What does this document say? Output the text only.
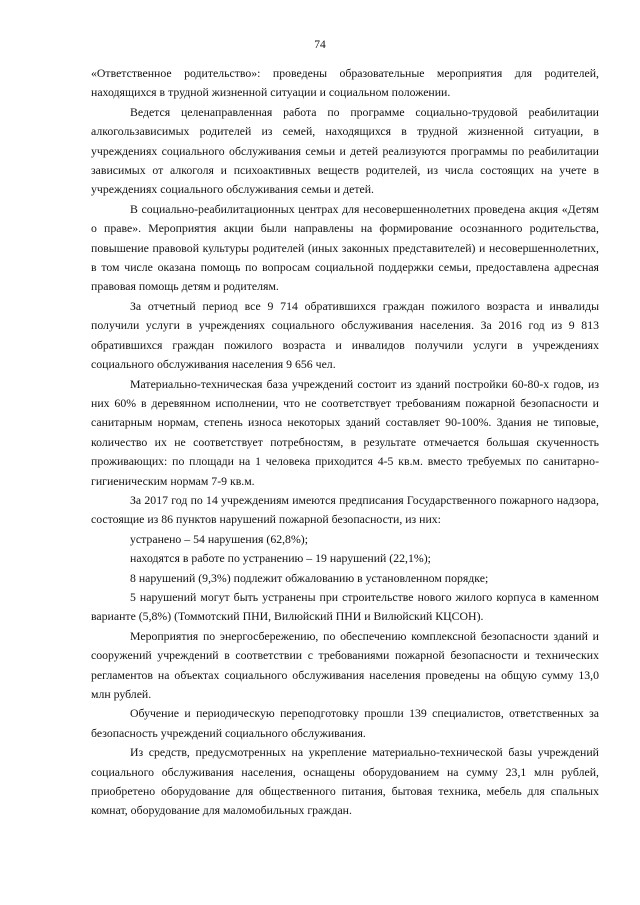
74

«Ответственное родительство»: проведены образовательные мероприятия для родителей, находящихся в трудной жизненной ситуации и социальном положении.

Ведется целенаправленная работа по программе социально-трудовой реабилитации алкогользависимых родителей из семей, находящихся в трудной жизненной ситуации, в учреждениях социального обслуживания семьи и детей реализуются программы по реабилитации зависимых от алкоголя и психоактивных веществ родителей, из числа состоящих на учете в учреждениях социального обслуживания семьи и детей.

В социально-реабилитационных центрах для несовершеннолетних проведена акция «Детям о праве». Мероприятия акции были направлены на формирование осознанного родительства, повышение правовой культуры родителей (иных законных представителей) и несовершеннолетних, в том числе оказана помощь по вопросам социальной поддержки семьи, предоставлена адресная правовая помощь детям и родителям.

За отчетный период все 9 714 обратившихся граждан пожилого возраста и инвалиды получили услуги в учреждениях социального обслуживания населения. За 2016 год из 9 813 обратившихся граждан пожилого возраста и инвалидов получили услуги в учреждениях социального обслуживания населения 9 656 чел.

Материально-техническая база учреждений состоит из зданий постройки 60-80-х годов, из них 60% в деревянном исполнении, что не соответствует требованиям пожарной безопасности и санитарным нормам, степень износа некоторых зданий составляет 90-100%. Здания не типовые, количество их не соответствует потребностям, в результате отмечается большая скученность проживающих: по площади на 1 человека приходится 4-5 кв.м. вместо требуемых по санитарно-гигиеническим нормам 7-9 кв.м.

За 2017 год по 14 учреждениям имеются предписания Государственного пожарного надзора, состоящие из 86 пунктов нарушений пожарной безопасности, из них:

устранено – 54 нарушения (62,8%);

находятся в работе по устранению – 19 нарушений (22,1%);

8 нарушений (9,3%) подлежит обжалованию в установленном порядке;

5 нарушений могут быть устранены при строительстве нового жилого корпуса в каменном варианте (5,8%) (Томмотский ПНИ, Вилюйский ПНИ и Вилюйский КЦСОН).

Мероприятия по энергосбережению, по обеспечению комплексной безопасности зданий и сооружений учреждений в соответствии с требованиями пожарной безопасности и технических регламентов на объектах социального обслуживания населения проведены на общую сумму 13,0 млн рублей.

Обучение и периодическую переподготовку прошли 139 специалистов, ответственных за безопасность учреждений социального обслуживания.

Из средств, предусмотренных на укрепление материально-технической базы учреждений социального обслуживания населения, оснащены оборудованием на сумму 23,1 млн рублей, приобретено оборудование для общественного питания, бытовая техника, мебель для спальных комнат, оборудование для маломобильных граждан.
